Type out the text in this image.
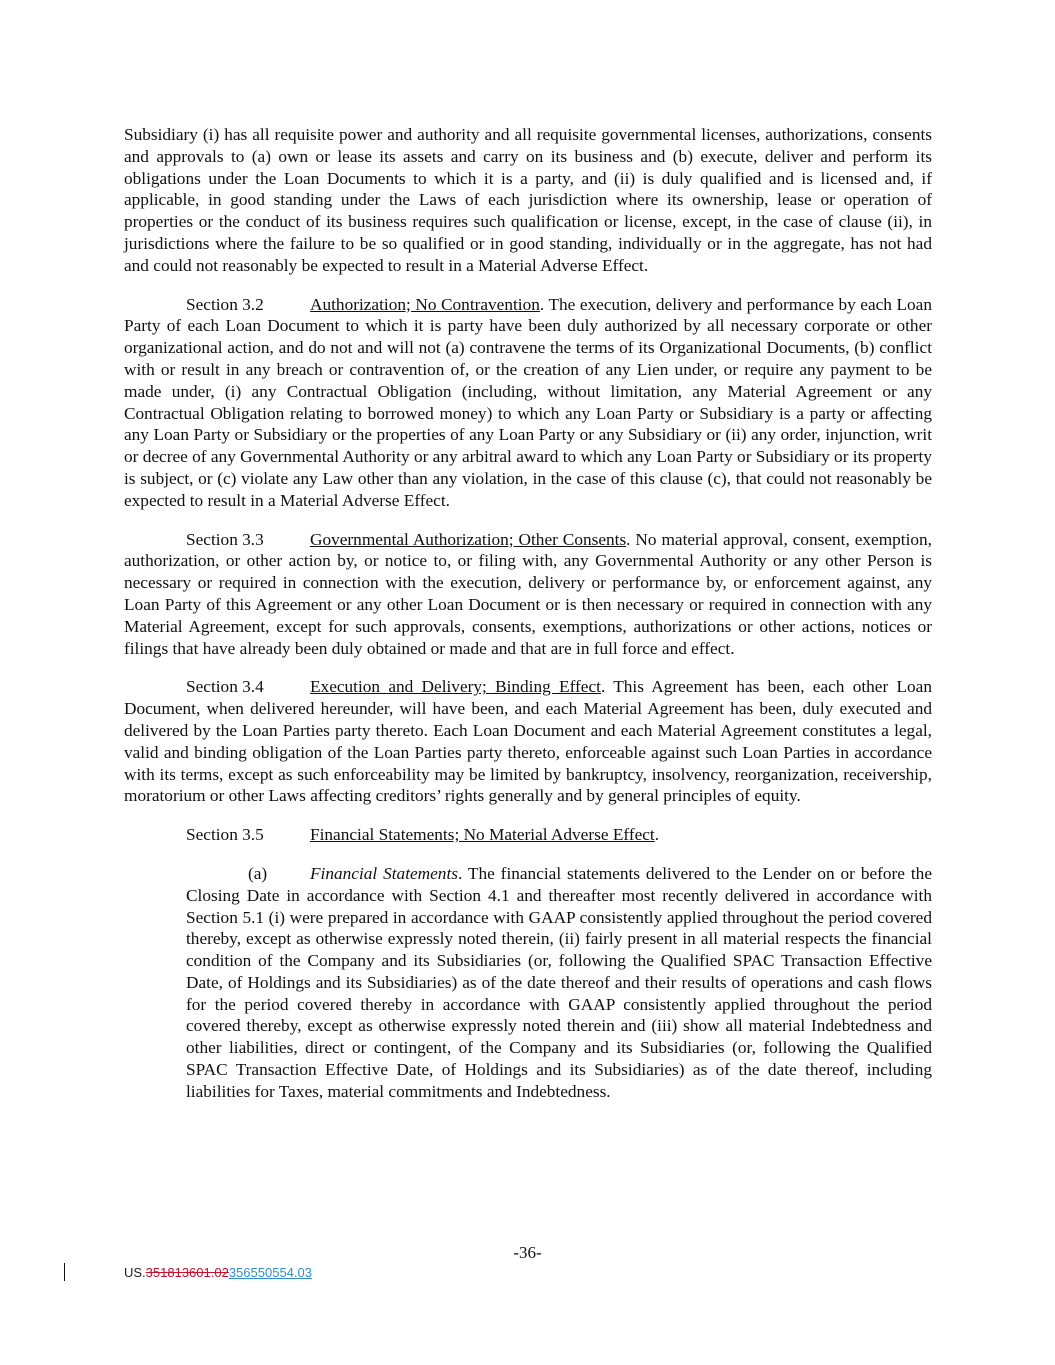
Subsidiary (i) has all requisite power and authority and all requisite governmental licenses, authorizations, consents and approvals to (a) own or lease its assets and carry on its business and (b) execute, deliver and perform its obligations under the Loan Documents to which it is a party, and (ii) is duly qualified and is licensed and, if applicable, in good standing under the Laws of each jurisdiction where its ownership, lease or operation of properties or the conduct of its business requires such qualification or license, except, in the case of clause (ii), in jurisdictions where the failure to be so qualified or in good standing, individually or in the aggregate, has not had and could not reasonably be expected to result in a Material Adverse Effect.

Section 3.2	Authorization; No Contravention. The execution, delivery and performance by each Loan Party of each Loan Document to which it is party have been duly authorized by all necessary corporate or other organizational action, and do not and will not (a) contravene the terms of its Organizational Documents, (b) conflict with or result in any breach or contravention of, or the creation of any Lien under, or require any payment to be made under, (i) any Contractual Obligation (including, without limitation, any Material Agreement or any Contractual Obligation relating to borrowed money) to which any Loan Party or Subsidiary is a party or affecting any Loan Party or Subsidiary or the properties of any Loan Party or any Subsidiary or (ii) any order, injunction, writ or decree of any Governmental Authority or any arbitral award to which any Loan Party or Subsidiary or its property is subject, or (c) violate any Law other than any violation, in the case of this clause (c), that could not reasonably be expected to result in a Material Adverse Effect.

Section 3.3	Governmental Authorization; Other Consents. No material approval, consent, exemption, authorization, or other action by, or notice to, or filing with, any Governmental Authority or any other Person is necessary or required in connection with the execution, delivery or performance by, or enforcement against, any Loan Party of this Agreement or any other Loan Document or is then necessary or required in connection with any Material Agreement, except for such approvals, consents, exemptions, authorizations or other actions, notices or filings that have already been duly obtained or made and that are in full force and effect.

Section 3.4	Execution and Delivery; Binding Effect. This Agreement has been, each other Loan Document, when delivered hereunder, will have been, and each Material Agreement has been, duly executed and delivered by the Loan Parties party thereto. Each Loan Document and each Material Agreement constitutes a legal, valid and binding obligation of the Loan Parties party thereto, enforceable against such Loan Parties in accordance with its terms, except as such enforceability may be limited by bankruptcy, insolvency, reorganization, receivership, moratorium or other Laws affecting creditors’ rights generally and by general principles of equity.

Section 3.5	Financial Statements; No Material Adverse Effect.

(a) Financial Statements. The financial statements delivered to the Lender on or before the Closing Date in accordance with Section 4.1 and thereafter most recently delivered in accordance with Section 5.1 (i) were prepared in accordance with GAAP consistently applied throughout the period covered thereby, except as otherwise expressly noted therein, (ii) fairly present in all material respects the financial condition of the Company and its Subsidiaries (or, following the Qualified SPAC Transaction Effective Date, of Holdings and its Subsidiaries) as of the date thereof and their results of operations and cash flows for the period covered thereby in accordance with GAAP consistently applied throughout the period covered thereby, except as otherwise expressly noted therein and (iii) show all material Indebtedness and other liabilities, direct or contingent, of the Company and its Subsidiaries (or, following the Qualified SPAC Transaction Effective Date, of Holdings and its Subsidiaries) as of the date thereof, including liabilities for Taxes, material commitments and Indebtedness.

-36-
US.351813601.02356550554.03
